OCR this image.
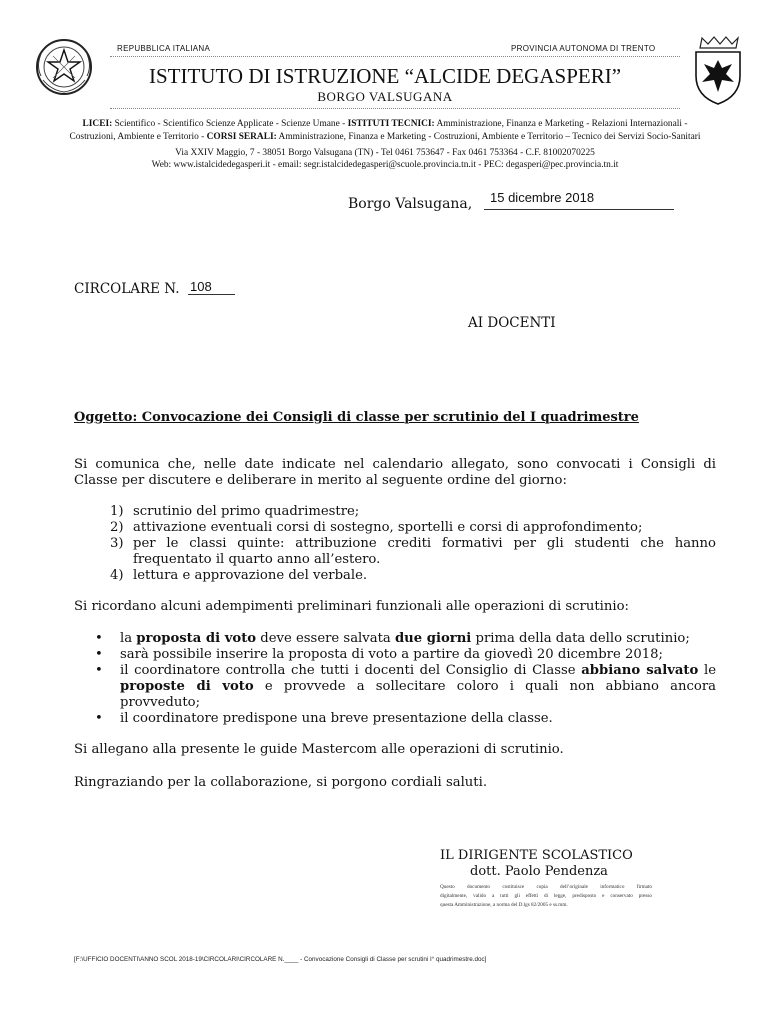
REPUBBLICA ITALIANA	PROVINCIA AUTONOMA DI TRENTO
ISTITUTO DI ISTRUZIONE “ALCIDE DEGASPERI”
BORGO VALSUGANA
LICEI: Scientifico - Scientifico Scienze Applicate - Scienze Umane - ISTITUTI TECNICI: Amministrazione, Finanza e Marketing - Relazioni Internazionali -
Costruzioni, Ambiente e Territorio - CORSI SERALI: Amministrazione, Finanza e Marketing - Costruzioni, Ambiente e Territorio – Tecnico dei Servizi Socio-Sanitari
Via XXIV Maggio, 7 - 38051 Borgo Valsugana (TN) - Tel 0461 753647 - Fax 0461 753364 - C.F. 81002070225
Web: www.istalcidedegasperi.it - email: segr.istalcidedegasperi@scuole.provincia.tn.it - PEC: degasperi@pec.provincia.tn.it
Borgo Valsugana, 15 dicembre 2018
CIRCOLARE N. 108
AI DOCENTI
Oggetto: Convocazione dei Consigli di classe per scrutinio del I quadrimestre
Si comunica che, nelle date indicate nel calendario allegato, sono convocati i Consigli di
Classe per discutere e deliberare in merito al seguente ordine del giorno:
1) scrutinio del primo quadrimestre;
2) attivazione eventuali corsi di sostegno, sportelli e corsi di approfondimento;
3) per le classi quinte: attribuzione crediti formativi per gli studenti che hanno
frequentato il quarto anno all’estero.
4) lettura e approvazione del verbale.
Si ricordano alcuni adempimenti preliminari funzionali alle operazioni di scrutinio:
• la proposta di voto deve essere salvata due giorni prima della data dello scrutinio;
• sarà possibile inserire la proposta di voto a partire da giovedì 20 dicembre 2018;
• il coordinatore controlla che tutti i docenti del Consiglio di Classe abbiano salvato le
proposte di voto e provvede a sollecitare coloro i quali non abbiano ancora
provveduto;
• il coordinatore predispone una breve presentazione della classe.
Si allegano alla presente le guide Mastercom alle operazioni di scrutinio.
Ringraziando per la collaborazione, si porgono cordiali saluti.
IL DIRIGENTE SCOLASTICO
dott. Paolo Pendenza
Questo documento costituisce copia dell’originale informatico firmato
digitalmente, valido a tutti gli effetti di legge, predisposto e conservato presso
questa Amministrazione, a norma del D.lgs 82/2005 e ss.mm.
[F:\UFFICIO DOCENTI\ANNO SCOL 2018-19\CIRCOLARI\CIRCOLARE N.____ - Convocazione Consigli di Classe per scrutini I° quadrimestre.doc]
